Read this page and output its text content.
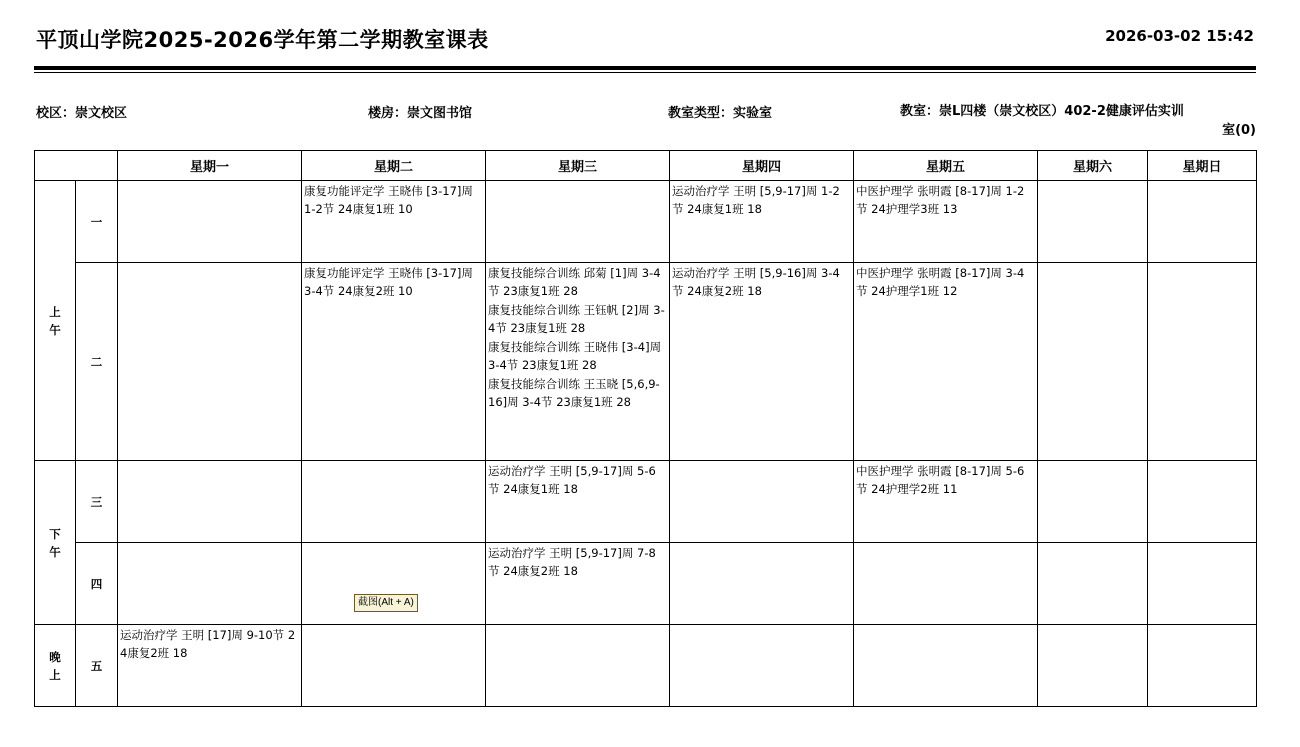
平顶山学院2025-2026学年第二学期教室课表	2026-03-02 15:42
校区：崇文校区	楼房：崇文图书馆	教室类型：实验室	教室：崇L四楼（崇文校区）402-2健康评估实训
室(0)
		星期一	星期二	星期三	星期四	星期五	星期六	星期日

上
午	一		康复功能评定学 王晓伟 [3-17]周 1-2节 24康复1班 10		运动治疗学 王明 [5,9-17]周 1-2节 24康复1班 18	中医护理学 张明霞 [8-17]周 1-2节 24护理学3班 13		

	二		康复功能评定学 王晓伟 [3-17]周 3-4节 24康复2班 10	康复技能综合训练 邱菊 [1]周 3-4节 23康复1班 28
康复技能综合训练 王钰帆 [2]周 3-4节 23康复1班 28
康复技能综合训练 王晓伟 [3-4]周 3-4节 23康复1班 28
康复技能综合训练 王玉晓 [5,6,9-16]周 3-4节 23康复1班 28	运动治疗学 王明 [5,9-16]周 3-4节 24康复2班 18	中医护理学 张明霞 [8-17]周 3-4节 24护理学1班 12		

下
午	三			运动治疗学 王明 [5,9-17]周 5-6节 24康复1班 18		中医护理学 张明霞 [8-17]周 5-6节 24护理学2班 11		

	四			运动治疗学 王明 [5,9-17]周 7-8节 24康复2班 18				

晚
上	五	运动治疗学 王明 [17]周 9-10节 24康复2班 18						

截图(Alt + A)
